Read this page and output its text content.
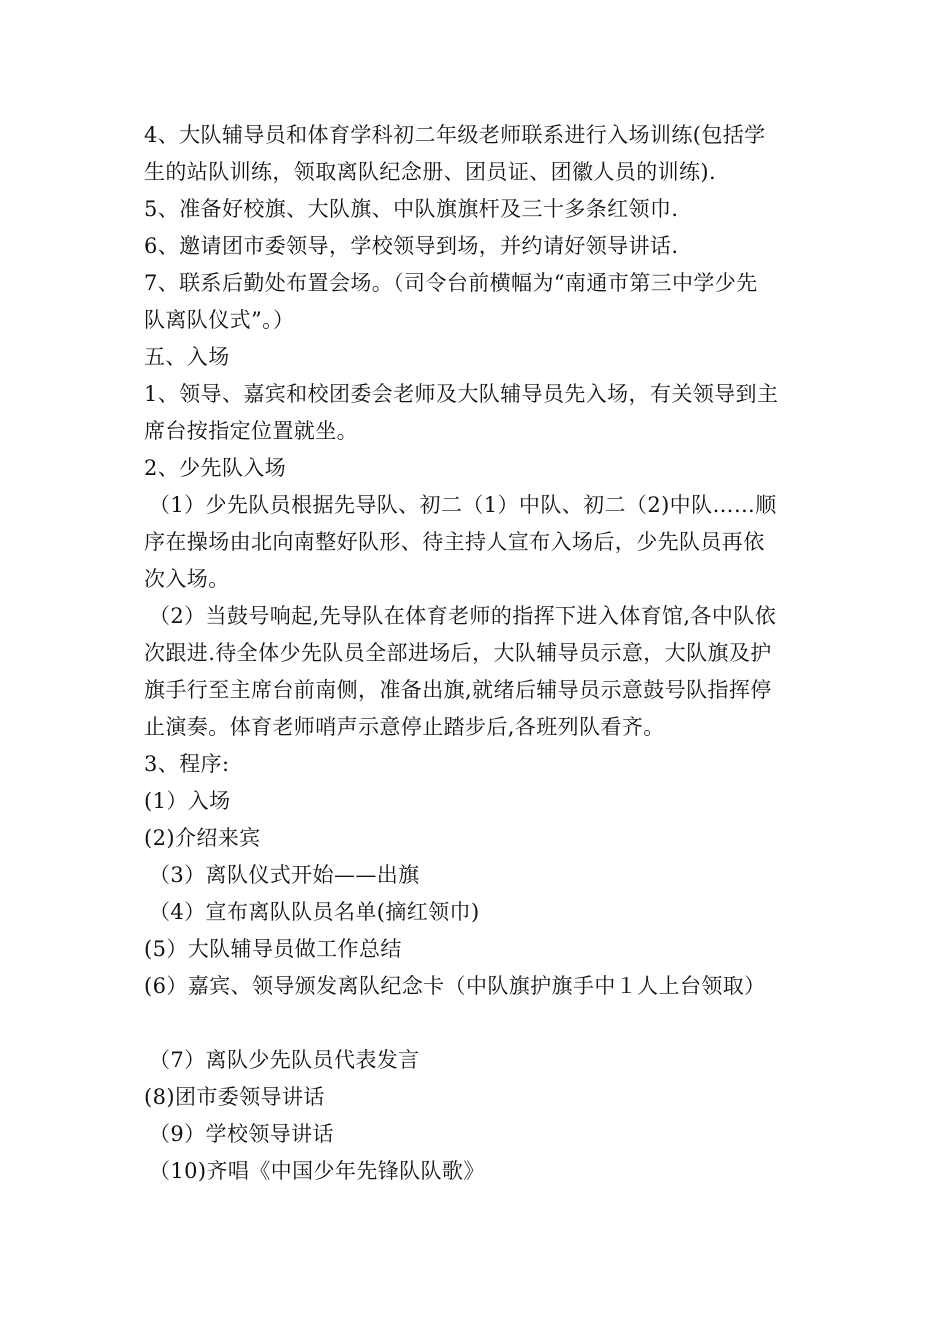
4、大队辅导员和体育学科初二年级老师联系进行入场训练(包括学
生的站队训练，领取离队纪念册、团员证、团徽人员的训练).
5、准备好校旗、大队旗、中队旗旗杆及三十多条红领巾.
6、邀请团市委领导，学校领导到场，并约请好领导讲话.
7、联系后勤处布置会场。（司令台前横幅为“南通市第三中学少先
队离队仪式”。）
五、入场
1、领导、嘉宾和校团委会老师及大队辅导员先入场，有关领导到主
席台按指定位置就坐。
2、少先队入场
（1）少先队员根据先导队、初二（1）中队、初二（2)中队……顺
序在操场由北向南整好队形、待主持人宣布入场后，少先队员再依
次入场。
（2）当鼓号响起,先导队在体育老师的指挥下进入体育馆,各中队依
次跟进.待全体少先队员全部进场后，大队辅导员示意，大队旗及护
旗手行至主席台前南侧，准备出旗,就绪后辅导员示意鼓号队指挥停
止演奏。体育老师哨声示意停止踏步后,各班列队看齐。
3、程序:
(1）入场
(2)介绍来宾
（3）离队仪式开始——出旗
（4）宣布离队队员名单(摘红领巾)
(5）大队辅导员做工作总结
(6）嘉宾、领导颁发离队纪念卡（中队旗护旗手中１人上台领取）
（7）离队少先队员代表发言
(8)团市委领导讲话
（9）学校领导讲话
（10)齐唱《中国少年先锋队队歌》
